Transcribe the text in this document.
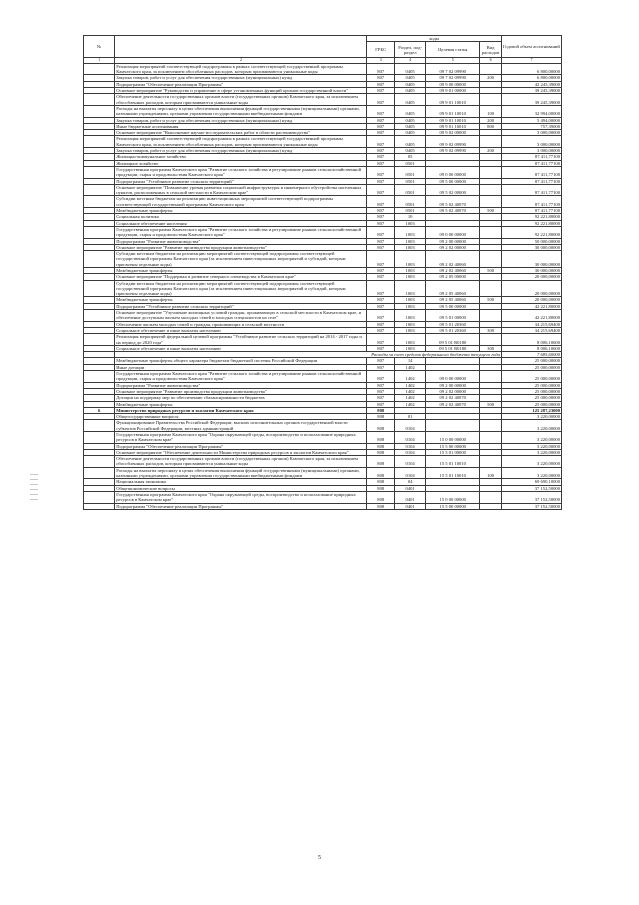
№		коды				Годовой объем ассигнований
		ГРБС	Раздел, под-раздел	Целевая статья	Вид расходов	
1	2	3	4	5	6	7
	Реализация мероприятий соответствующей подпрограммы в рамках соответствующей государственной программы Камчатского края, за исключением обособленных расходов, которым присваиваются уникальные коды	807	0405	09 7 02 09990		6 800,00000
	Закупка товаров, работ и услуг для обеспечения государственных (муниципальных) нужд	807	0405	09 7 02 09990	200	6 800,00000
	Подпрограмма "Обеспечение реализации Программы"	807	0405	09 9 00 00000		42 245,39000
	Основное мероприятие "Руководство и управление в сфере установленных функций органов государственной власти"	807	0405	09 9 01 00000		39 245,39000
	Обеспечение деятельности государственных органов власти (государственных органов) Камчатского края, за исключением обособленных расходов, которым присваиваются уникальные коды	807	0405	09 9 01 10010		39 245,39000
	Расходы на выплаты персоналу в целях обеспечения выполнения функций государственными (муниципальными) органами, казенными учреждениями, органами управления государственными внебюджетными фондами	807	0405	09 9 01 10010	100	32 994,00000
	Закупка товаров, работ и услуг для обеспечения государственных (муниципальных) нужд	807	0405	09 9 01 10010	200	5 494,00000
	Иные бюджетные ассигнования	807	0405	09 9 01 10010	800	757,39000
	Основное мероприятие "Выполнение научно-исследовательских работ в области растениеводства"	807	0405	09 9 02 00000		3 000,00000
	Реализация мероприятий соответствующей подпрограммы в рамках соответствующей государственной программы Камчатского края, за исключением обособленных расходов, которым присваиваются уникальные коды	807	0405	09 9 02 09990		3 000,00000
	Закупка товаров, работ и услуг для обеспечения государственных (муниципальных) нужд	807	0405	09 9 02 09990	200	3 000,00000
	Жилищно-коммунальное хозяйство	807	05			87 411,77100
	Жилищное хозяйство	807	0501			87 411,77100
	Государственная программа Камчатского края "Развитие сельского хозяйства и регулирование рынков сельскохозяйственной продукции, сырья и продовольствия Камчатского края"	807	0501	09 0 00 00000		87 411,77100
	Подпрограмма "Устойчивое развитие сельских территорий"	807	0501	09 5 00 00000		87 411,77100
	Основное мероприятие "Повышение уровня развития социальной инфраструктуры и инженерного обустройства населенных пунктов, расположенных в сельской местности в Камчатском крае"	807	0501	09 5 02 00000		87 411,77100
	Субсидии местным бюджетам на реализацию инвестиционных мероприятий соответствующей подпрограммы соответствующей государственной программы Камчатского края	807	0501	09 5 02 40070		87 411,77100
	Межбюджетные трансферты	807	0501	09 5 02 40070	500	87 411,77100
	Социальная политика	807	10			92 221,80000
	Социальное обеспечение населения	807	1003			92 221,80000
	Государственная программа Камчатского края "Развитие сельского хозяйства и регулирование рынков сельскохозяйственной продукции, сырья и продовольствия Камчатского края"	807	1003	09 0 00 00000		92 221,80000
	Подпрограмма "Развитие животноводства"	807	1003	09 2 00 00000		50 000,00000
	Основное мероприятие "Развитие производства продукции животноводства"	807	1003	09 2 02 00000		30 000,00000
	Субсидии местным бюджетам на реализацию мероприятий соответствующей подпрограммы соответствующей государственной программы Камчатского края (за исключением инвестиционных мероприятий и субсидий, которым присвоены отдельные коды)	807	1003	09 2 02 40060		30 000,00000
	Межбюджетные трансферты	807	1003	09 2 02 40060	500	30 000,00000
	Основное мероприятие "Поддержка и развитие северного оленеводства в Камчатском крае"	807	1003	09 2 05 00000		20 000,00000
	Субсидии местным бюджетам на реализацию мероприятий соответствующей подпрограммы соответствующей государственной программы Камчатского края (за исключением инвестиционных мероприятий и субсидий, которым присвоены отдельные коды)	807	1003	09 2 05 40060		20 000,00000
	Межбюджетные трансферты	807	1003	09 2 05 40060	500	20 000,00000
	Подпрограмма "Устойчивое развитие сельских территорий"	807	1003	09 5 00 00000		42 221,80000
	Основное мероприятие "Улучшение жилищных условий граждан, проживающих в сельской местности в Камчатском крае, и обеспечение доступным жильем молодых семей и молодых специалистов на селе"	807	1003	09 5 01 00000		42 221,80000
	Обеспечение жильем молодых семей и граждан, проживающих в сельской местности	807	1003	09 5 01 20360		34 215,69400
	Социальное обеспечение и иные выплаты населению	807	1003	09 5 01 20360	300	34 215,69400
	Реализация мероприятий федеральной целевой программы "Устойчивое развитие сельских территорий на 2014 - 2017 годы и на период до 2020 года"	807	1003	09 5 01 R0180		8 006,10600
	Социальное обеспечение и иные выплаты населению	807	1003	09 5 01 R0180	300	8 006,10600
	Расходы за счет средств федерального бюджета текущего года					7 685,60000
	Межбюджетные трансферты общего характера бюджетам бюджетной системы Российской Федерации	807	14			25 000,00000
	Иные дотации	807	1402			25 000,00000
	Государственная программа Камчатского края "Развитие сельского хозяйства и регулирование рынков сельскохозяйственной продукции, сырья и продовольствия Камчатского края"	807	1402	09 0 00 00000		25 000,00000
	Подпрограмма "Развитие животноводства"	807	1402	09 2 00 00000		25 000,00000
	Основное мероприятие "Развитие производства продукции животноводства"	807	1402	09 2 02 00000		25 000,00000
	Дотации на поддержку мер по обеспечению сбалансированности бюджетов	807	1402	09 2 02 40070		25 000,00000
	Межбюджетные трансферты	807	1402	09 2 02 40070	500	25 000,00000
6	Министерство природных ресурсов и экологии Камчатского края	808				125 287,23000
	Общегосударственные вопросы	808	01			3 220,00000
	Функционирование Правительства Российской Федерации, высших исполнительных органов государственной власти субъектов Российской Федерации, местных администраций	808	0104			3 220,00000
	Государственная программа Камчатского края "Охрана окружающей среды, воспроизводство и использование природных ресурсов в Камчатском крае"	808	0104	15 0 00 00000		3 220,00000
	Подпрограмма "Обеспечение реализации Программы"	808	0104	15 5 00 00000		3 220,00000
	Основное мероприятие "Обеспечение деятельности Министерства природных ресурсов и экологии Камчатского края"	808	0104	15 5 01 00000		3 220,00000
	Обеспечение деятельности государственных органов власти (государственных органов) Камчатского края, за исключением обособленных расходов, которым присваиваются уникальные коды	808	0104	15 5 01 10010		3 220,00000
	Расходы на выплаты персоналу в целях обеспечения выполнения функций государственными (муниципальными) органами, казенными учреждениями, органами управления государственными внебюджетными фондами	808	0104	15 5 01 10010	100	3 220,00000
	Национальная экономика	808	04			69 690,10000
	Общеэкономические вопросы	808	0401			37 152,50000
	Государственная программа Камчатского края "Охрана окружающей среды, воспроизводство и использование природных ресурсов в Камчатском крае"	808	0401	15 0 00 00000		37 152,50000
	Подпрограмма "Обеспечение реализации Программы"	808	0401	15 5 00 00000		37 152,50000
5
